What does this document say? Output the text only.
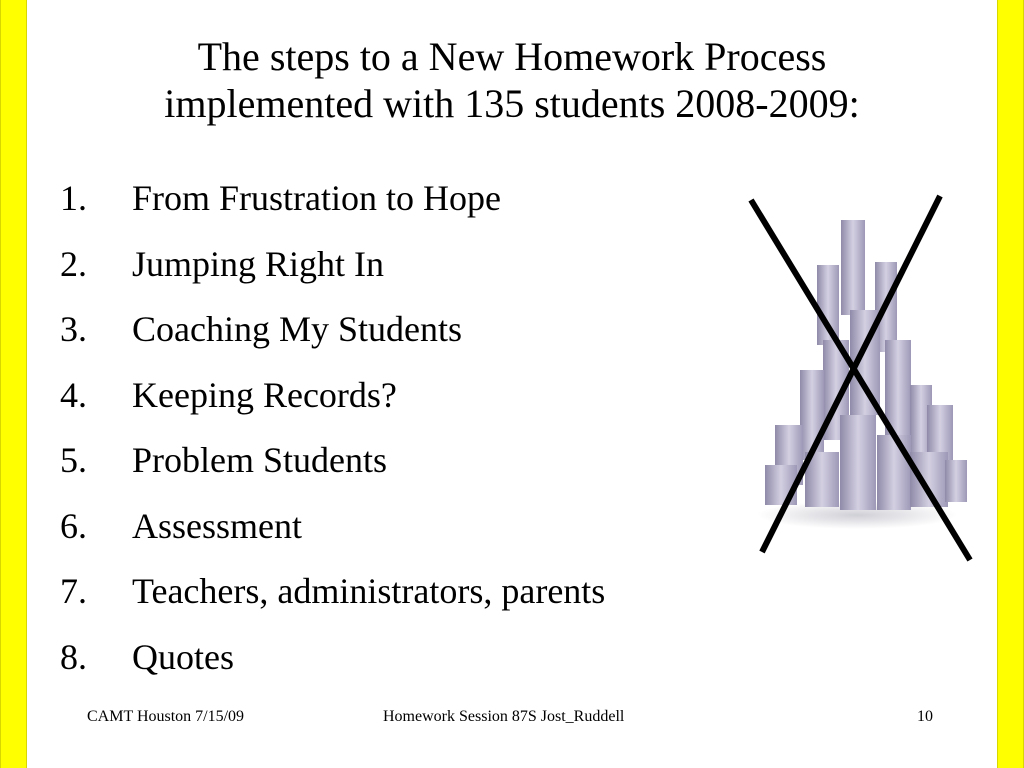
The steps to a New Homework Process
implemented with 135 students 2008-2009:
1. From Frustration to Hope
2. Jumping Right In
3. Coaching My Students
4. Keeping Records?
5. Problem Students
6. Assessment
7. Teachers, administrators, parents
8. Quotes
CAMT Houston 7/15/09	Homework Session 87S Jost_Ruddell	10
